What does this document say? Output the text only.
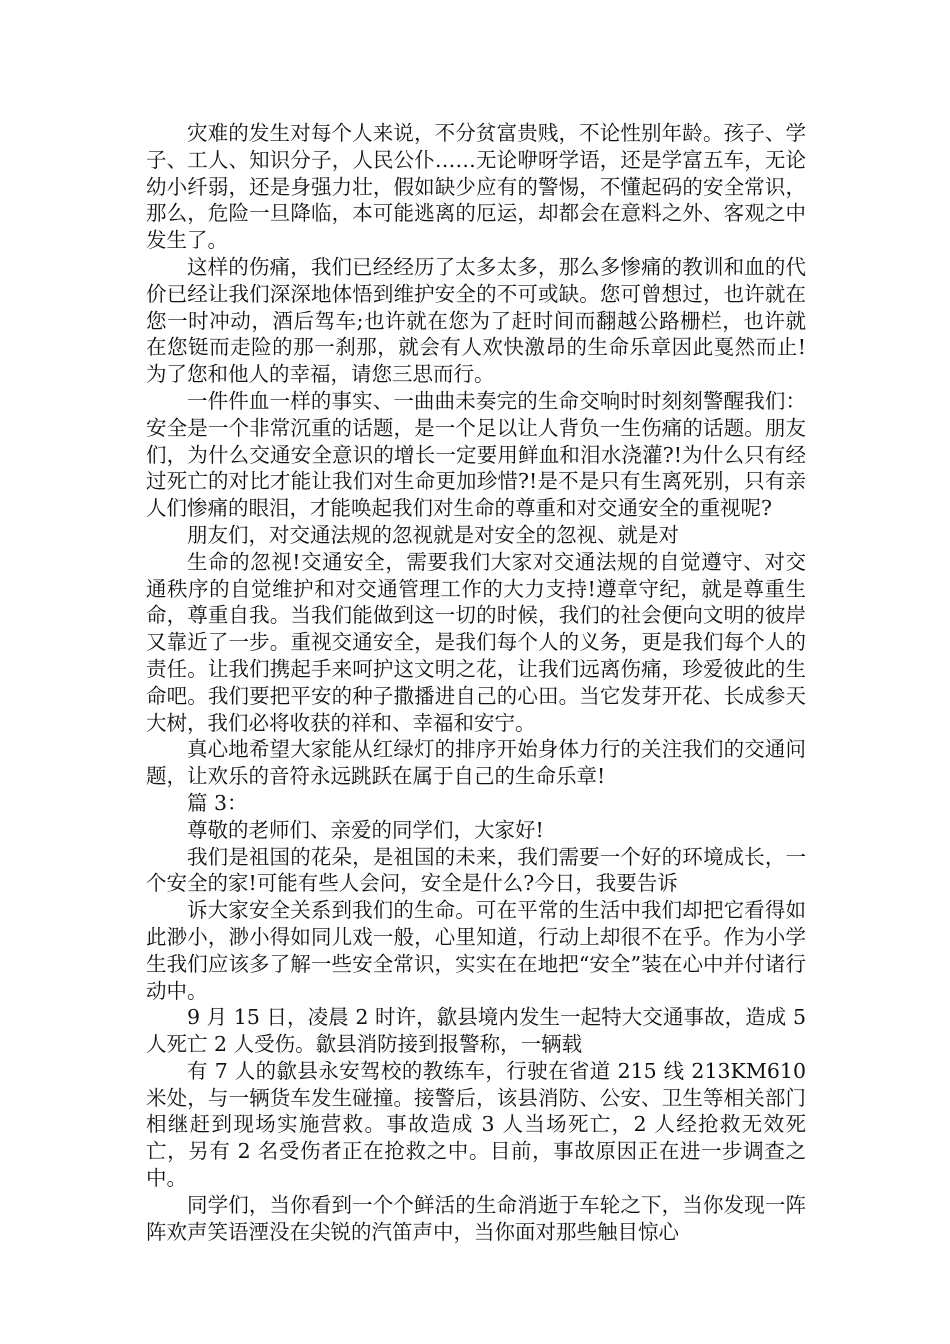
灾难的发生对每个人来说，不分贫富贵贱，不论性别年龄。孩子、学子、工人、知识分子，人民公仆……无论咿呀学语，还是学富五车，无论幼小纤弱，还是身强力壮，假如缺少应有的警惕，不懂起码的安全常识，那么，危险一旦降临，本可能逃离的厄运，却都会在意料之外、客观之中发生了。

这样的伤痛，我们已经经历了太多太多，那么多惨痛的教训和血的代价已经让我们深深地体悟到维护安全的不可或缺。您可曾想过，也许就在您一时冲动，酒后驾车;也许就在您为了赶时间而翻越公路栅栏，也许就在您铤而走险的那一刹那，就会有人欢快激昂的生命乐章因此戛然而止!为了您和他人的幸福，请您三思而行。

一件件血一样的事实、一曲曲未奏完的生命交响时时刻刻警醒我们：安全是一个非常沉重的话题，是一个足以让人背负一生伤痛的话题。朋友们，为什么交通安全意识的增长一定要用鲜血和泪水浇灌?!为什么只有经过死亡的对比才能让我们对生命更加珍惜?!是不是只有生离死别，只有亲人们惨痛的眼泪，才能唤起我们对生命的尊重和对交通安全的重视呢?

朋友们，对交通法规的忽视就是对安全的忽视、就是对

生命的忽视!交通安全，需要我们大家对交通法规的自觉遵守、对交通秩序的自觉维护和对交通管理工作的大力支持!遵章守纪，就是尊重生命，尊重自我。当我们能做到这一切的时候，我们的社会便向文明的彼岸又靠近了一步。重视交通安全，是我们每个人的义务，更是我们每个人的责任。让我们携起手来呵护这文明之花，让我们远离伤痛，珍爱彼此的生命吧。我们要把平安的种子撒播进自己的心田。当它发芽开花、长成参天大树，我们必将收获的祥和、幸福和安宁。

真心地希望大家能从红绿灯的排序开始身体力行的关注我们的交通问题，让欢乐的音符永远跳跃在属于自己的生命乐章!

篇 3：

尊敬的老师们、亲爱的同学们，大家好!

我们是祖国的花朵，是祖国的未来，我们需要一个好的环境成长，一个安全的家!可能有些人会问，安全是什么?今日，我要告诉

诉大家安全关系到我们的生命。可在平常的生活中我们却把它看得如此渺小，渺小得如同儿戏一般，心里知道，行动上却很不在乎。作为小学生我们应该多了解一些安全常识，实实在在地把“安全”装在心中并付诸行动中。

9 月 15 日，凌晨 2 时许，歙县境内发生一起特大交通事故，造成 5 人死亡 2 人受伤。歙县消防接到报警称，一辆载

有 7 人的歙县永安驾校的教练车，行驶在省道 215 线 213KM610 米处，与一辆货车发生碰撞。接警后，该县消防、公安、卫生等相关部门相继赶到现场实施营救。事故造成 3 人当场死亡，2 人经抢救无效死亡，另有 2 名受伤者正在抢救之中。目前，事故原因正在进一步调查之中。

同学们，当你看到一个个鲜活的生命消逝于车轮之下，当你发现一阵阵欢声笑语湮没在尖锐的汽笛声中，当你面对那些触目惊心
